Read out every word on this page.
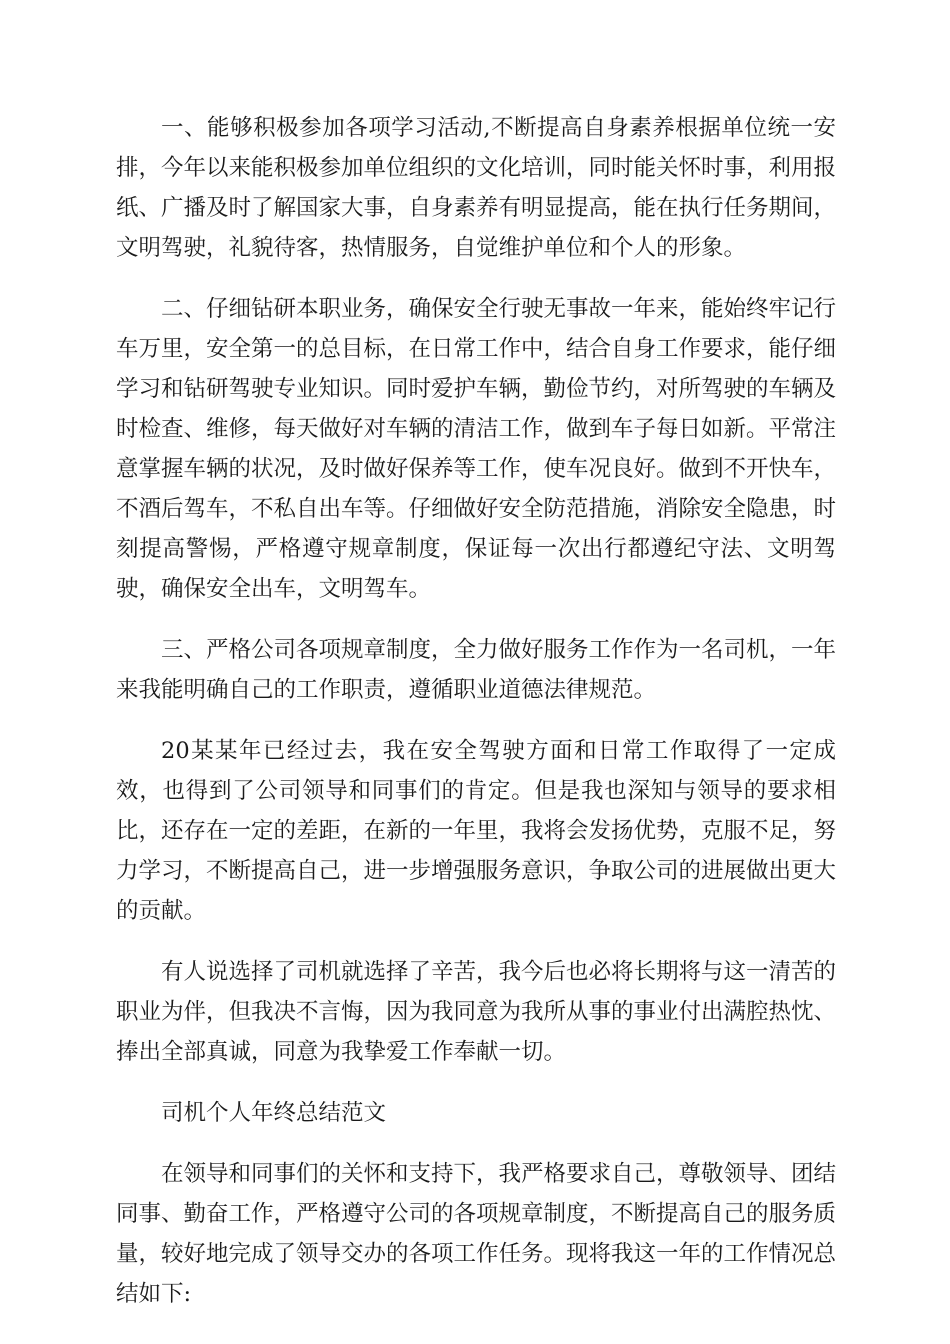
一、能够积极参加各项学习活动,不断提高自身素养根据单位统一安排，今年以来能积极参加单位组织的文化培训，同时能关怀时事，利用报纸、广播及时了解国家大事，自身素养有明显提高，能在执行任务期间，文明驾驶，礼貌待客，热情服务，自觉维护单位和个人的形象。

二、仔细钻研本职业务，确保安全行驶无事故一年来，能始终牢记行车万里，安全第一的总目标，在日常工作中，结合自身工作要求，能仔细学习和钻研驾驶专业知识。同时爱护车辆，勤俭节约，对所驾驶的车辆及时检查、维修，每天做好对车辆的清洁工作，做到车子每日如新。平常注意掌握车辆的状况，及时做好保养等工作，使车况良好。做到不开快车，不酒后驾车，不私自出车等。仔细做好安全防范措施，消除安全隐患，时刻提高警惕，严格遵守规章制度，保证每一次出行都遵纪守法、文明驾驶，确保安全出车，文明驾车。

三、严格公司各项规章制度，全力做好服务工作作为一名司机，一年来我能明确自己的工作职责，遵循职业道德法律规范。

20某某年已经过去，我在安全驾驶方面和日常工作取得了一定成效，也得到了公司领导和同事们的肯定。但是我也深知与领导的要求相比，还存在一定的差距，在新的一年里，我将会发扬优势，克服不足，努力学习，不断提高自己，进一步增强服务意识，争取公司的进展做出更大的贡献。

有人说选择了司机就选择了辛苦，我今后也必将长期将与这一清苦的职业为伴，但我决不言悔，因为我同意为我所从事的事业付出满腔热忱、捧出全部真诚，同意为我挚爱工作奉献一切。

司机个人年终总结范文

在领导和同事们的关怀和支持下，我严格要求自己，尊敬领导、团结同事、勤奋工作，严格遵守公司的各项规章制度，不断提高自己的服务质量，较好地完成了领导交办的各项工作任务。现将我这一年的工作情况总结如下:
